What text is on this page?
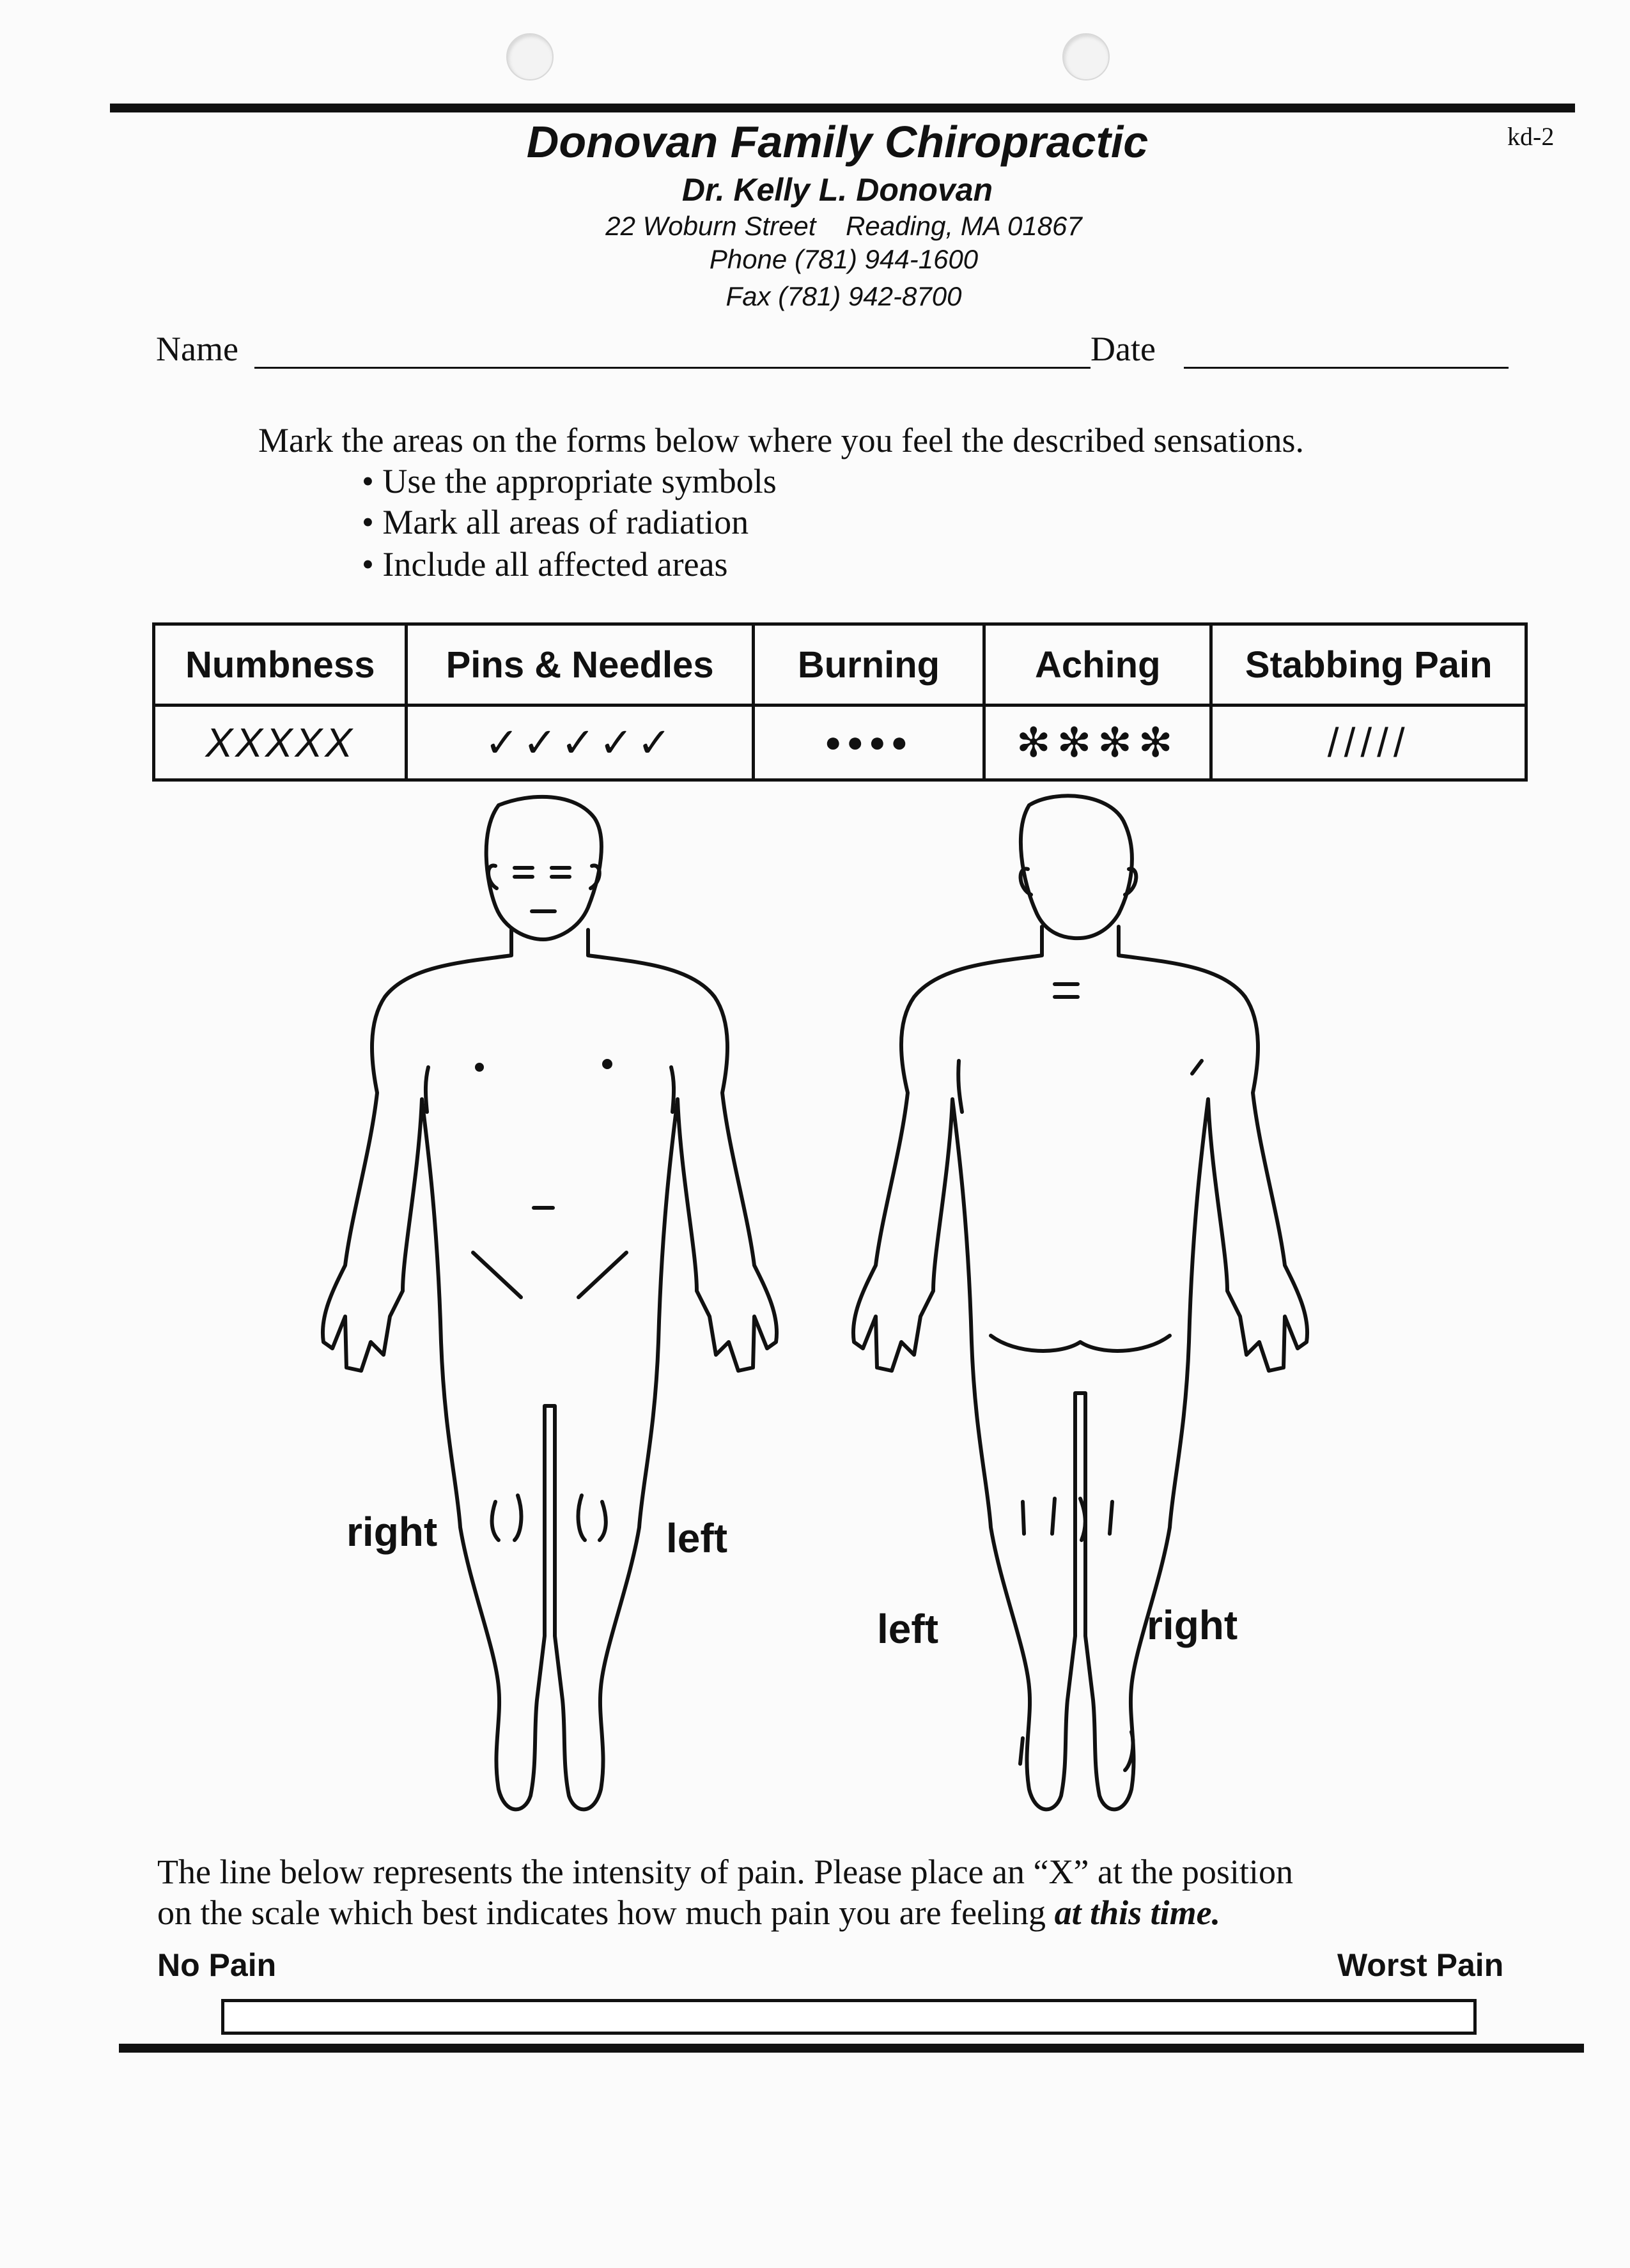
Donovan Family Chiropractic
Dr. Kelly L. Donovan
22 Woburn Street    Reading, MA 01867
Phone (781) 944-1600
Fax (781) 942-8700
kd-2
Name	Date
Mark the areas on the forms below where you feel the described sensations.
• Use the appropriate symbols
• Mark all areas of radiation
• Include all affected areas
Numbness	Pins & Needles	Burning	Aching	Stabbing Pain
XXXXX	✓✓✓✓✓	●●●●	✻✻✻✻	/////
right	left
left	right
The line below represents the intensity of pain. Please place an “X” at the position
on the scale which best indicates how much pain you are feeling at this time.
No Pain	Worst Pain
